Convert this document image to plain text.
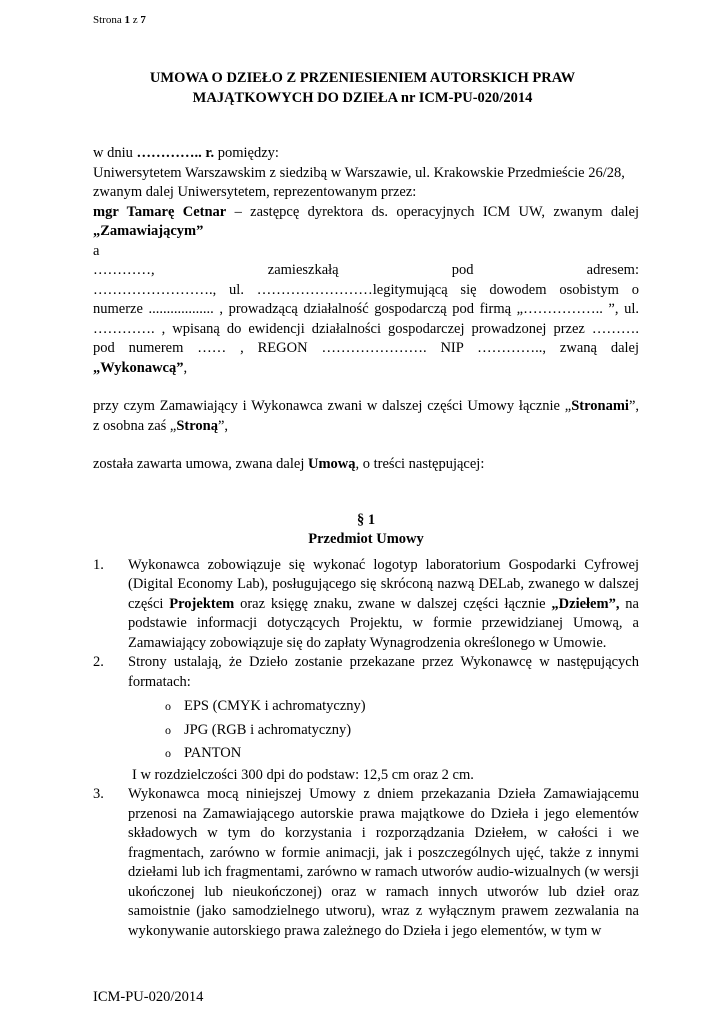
Strona 1 z 7
UMOWA O DZIEŁO Z PRZENIESIENIEM AUTORSKICH PRAW
MAJĄTKOWYCH DO DZIEŁA nr ICM-PU-020/2014

w dniu ………….. r. pomiędzy:

Uniwersytetem Warszawskim z siedzibą w Warszawie, ul. Krakowskie Przedmieście 26/28,

zwanym dalej Uniwersytetem, reprezentowanym przez:

mgr Tamarę Cetnar – zastępcę dyrektora ds. operacyjnych ICM UW, zwanym dalej

„Zamawiającym”

a

…………, zamieszkałą pod adresem:

……………………., ul. ……………………legitymującą się dowodem osobistym o

numerze .................. , prowadzącą działalność gospodarczą pod firmą „…………….. ”, ul.

…………. , wpisaną do ewidencji działalności gospodarczej prowadzonej przez ……….

pod numerem …… , REGON …………………. NIP ………….., zwaną dalej

„Wykonawcą”,

przy czym Zamawiający i Wykonawca zwani w dalszej części Umowy łącznie „Stronami”,

z osobna zaś „Stroną”,

została zawarta umowa, zwana dalej Umową, o treści następującej:

§ 1
Przedmiot Umowy
1. Wykonawca zobowiązuje się wykonać logotyp laboratorium Gospodarki Cyfrowej (Digital Economy Lab), posługującego się skróconą nazwą DELab, zwanego w dalszej części Projektem oraz księgę znaku, zwane w dalszej części łącznie „Dziełem”, na podstawie informacji dotyczących Projektu, w formie przewidzianej Umową, a Zamawiający zobowiązuje się do zapłaty Wynagrodzenia określonego w Umowie.
2. Strony ustalają, że Dzieło zostanie przekazane przez Wykonawcę w następujących formatach:
o EPS (CMYK i achromatyczny)
o JPG (RGB i achromatyczny)
o PANTON

I w rozdzielczości 300 dpi do podstaw: 12,5 cm oraz 2 cm.

3. Wykonawca mocą niniejszej Umowy z dniem przekazania Dzieła Zamawiającemu przenosi na Zamawiającego autorskie prawa majątkowe do Dzieła i jego elementów składowych w tym do korzystania i rozporządzania Dziełem, w całości i we fragmentach, zarówno w formie animacji, jak i poszczególnych ujęć, także z innymi dziełami lub ich fragmentami, zarówno w ramach utworów audio-wizualnych (w wersji ukończonej lub nieukończonej) oraz w ramach innych utworów lub dzieł oraz samoistnie (jako samodzielnego utworu), wraz z wyłącznym prawem zezwalania na wykonywanie autorskiego prawa zależnego do Dzieła i jego elementów, w tym w
ICM-PU-020/2014
